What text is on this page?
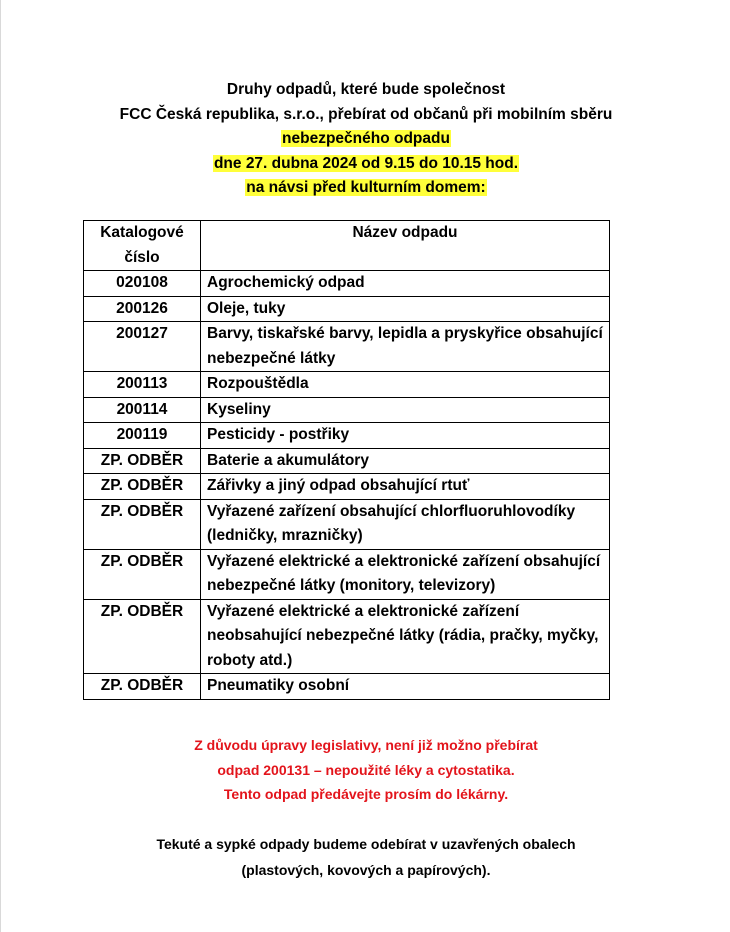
Druhy odpadů, které bude společnost
FCC Česká republika, s.r.o., přebírat od občanů při mobilním sběru
nebezpečného odpadu
dne 27. dubna 2024 od 9.15 do 10.15 hod.
na návsi před kulturním domem:
Katalogové
číslo	Název odpadu
020108	Agrochemický odpad
200126	Oleje, tuky
200127	Barvy, tiskařské barvy, lepidla a pryskyřice obsahující nebezpečné látky
200113	Rozpouštědla
200114	Kyseliny
200119	Pesticidy - postřiky
ZP. ODBĚR	Baterie a akumulátory
ZP. ODBĚR	Zářivky a jiný odpad obsahující rtuť
ZP. ODBĚR	Vyřazené zařízení obsahující chlorfluoruhlovodíky (ledničky, mrazničky)
ZP. ODBĚR	Vyřazené elektrické a elektronické zařízení obsahující nebezpečné látky (monitory, televizory)
ZP. ODBĚR	Vyřazené elektrické a elektronické zařízení neobsahující nebezpečné látky (rádia, pračky, myčky, roboty atd.)
ZP. ODBĚR	Pneumatiky osobní
Z důvodu úpravy legislativy, není již možno přebírat
odpad 200131 – nepoužité léky a cytostatika.
Tento odpad předávejte prosím do lékárny.
Tekuté a sypké odpady budeme odebírat v uzavřených obalech
(plastových, kovových a papírových).
